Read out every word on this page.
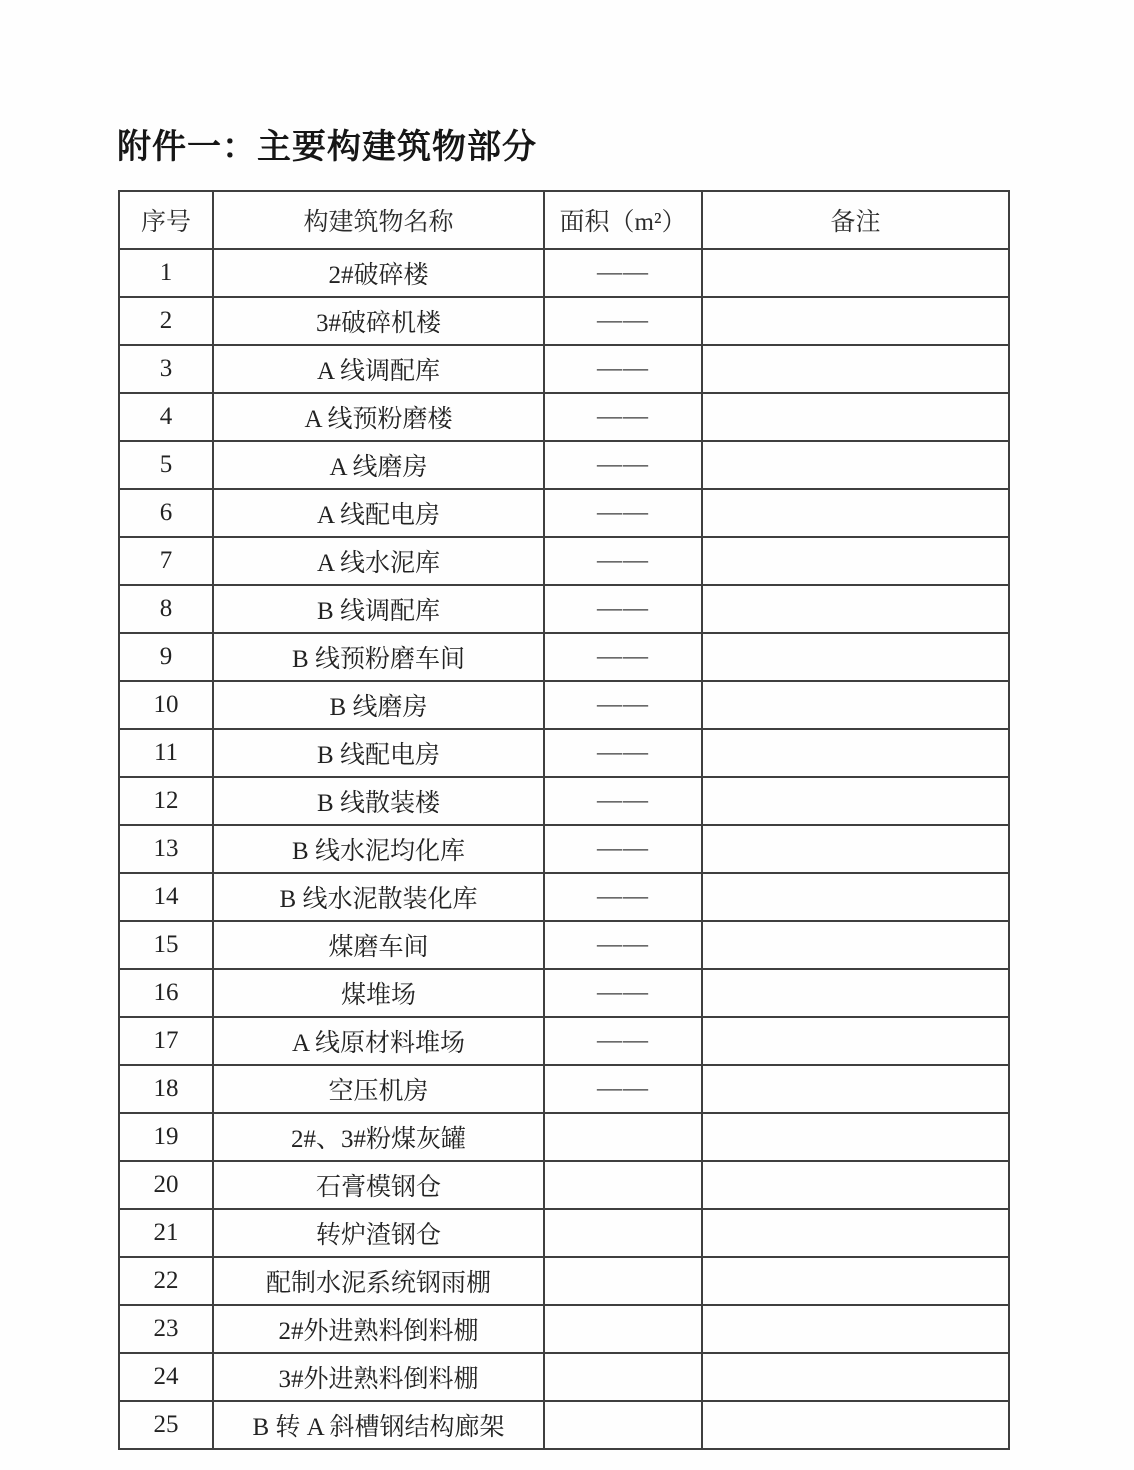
附件一：主要构建筑物部分
序号	构建筑物名称	面积（m²）	备注
1	2#破碎楼	——	
2	3#破碎机楼	——	
3	A 线调配库	——	
4	A 线预粉磨楼	——	
5	A 线磨房	——	
6	A 线配电房	——	
7	A 线水泥库	——	
8	B 线调配库	——	
9	B 线预粉磨车间	——	
10	B 线磨房	——	
11	B 线配电房	——	
12	B 线散装楼	——	
13	B 线水泥均化库	——	
14	B 线水泥散装化库	——	
15	煤磨车间	——	
16	煤堆场	——	
17	A 线原材料堆场	——	
18	空压机房	——	
19	2#、3#粉煤灰罐		
20	石膏模钢仓		
21	转炉渣钢仓		
22	配制水泥系统钢雨棚		
23	2#外进熟料倒料棚		
24	3#外进熟料倒料棚		
25	B 转 A 斜槽钢结构廊架		
